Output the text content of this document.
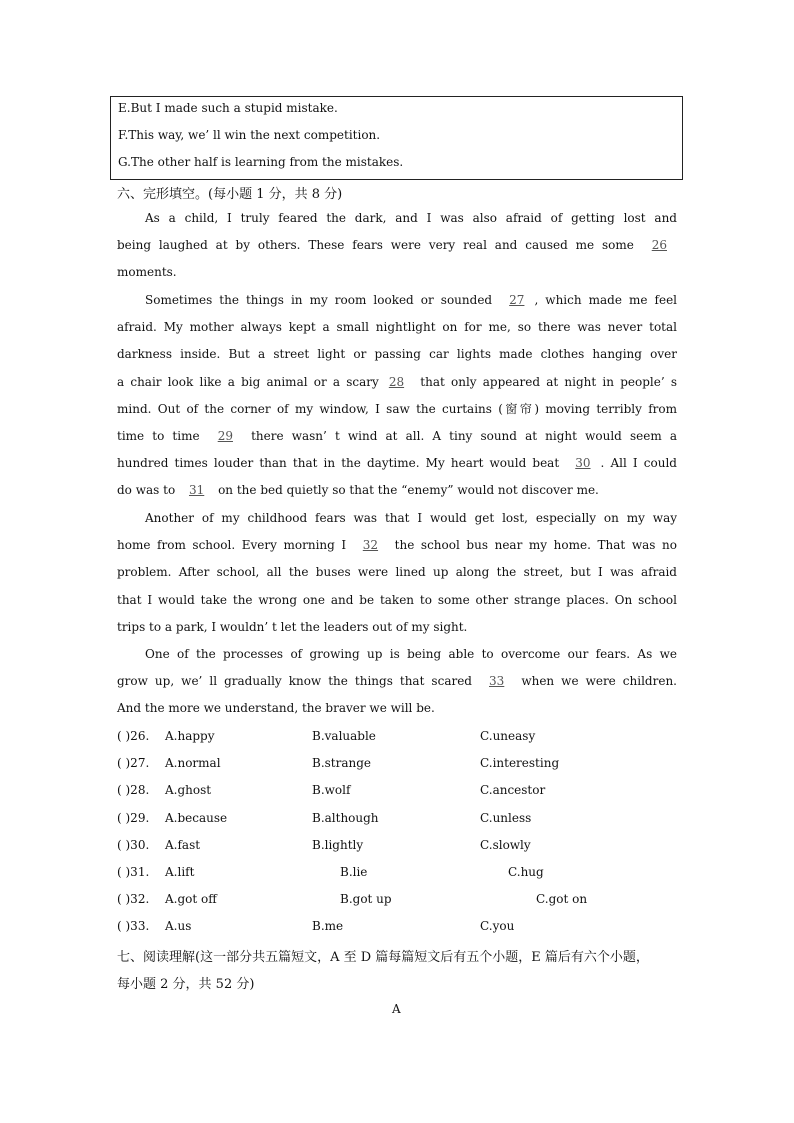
E.But I made such a stupid mistake.
F.This way, we’ ll win the next competition.
G.The other half is learning from the mistakes.
六、完形填空。(每小题 1 分，共 8 分)
As a child, I truly feared the dark, and I was also afraid of getting lost and
being laughed at by others. These fears were very real and caused me some 26
moments.
Sometimes the things in my room looked or sounded 27 , which made me feel
afraid. My mother always kept a small nightlight on for me, so there was never total
darkness inside. But a street light or passing car lights made clothes hanging over
a chair look like a big animal or a scary 28 that only appeared at night in people’ s
mind. Out of the corner of my window, I saw the curtains (窗帘) moving terribly from
time to time 29 there wasn’ t wind at all. A tiny sound at night would seem a
hundred times louder than that in the daytime. My heart would beat 30 . All I could
do was to 31 on the bed quietly so that the “enemy” would not discover me.
Another of my childhood fears was that I would get lost, especially on my way
home from school. Every morning I 32 the school bus near my home. That was no
problem. After school, all the buses were lined up along the street, but I was afraid
that I would take the wrong one and be taken to some other strange places. On school
trips to a park, I wouldn’ t let the leaders out of my sight.
One of the processes of growing up is being able to overcome our fears. As we
grow up, we’ ll gradually know the things that scared 33 when we were children.
And the more we understand, the braver we will be.
( )26. A.happy	B.valuable	C.uneasy
( )27. A.normal	B.strange	C.interesting
( )28. A.ghost	B.wolf	C.ancestor
( )29. A.because	B.although	C.unless
( )30. A.fast	B.lightly	C.slowly
( )31. A.lift	B.lie	C.hug
( )32. A.got off	B.got up	C.got on
( )33. A.us	B.me	C.you
七、阅读理解(这一部分共五篇短文，A 至 D 篇每篇短文后有五个小题，E 篇后有六个小题，
每小题 2 分，共 52 分)
A
